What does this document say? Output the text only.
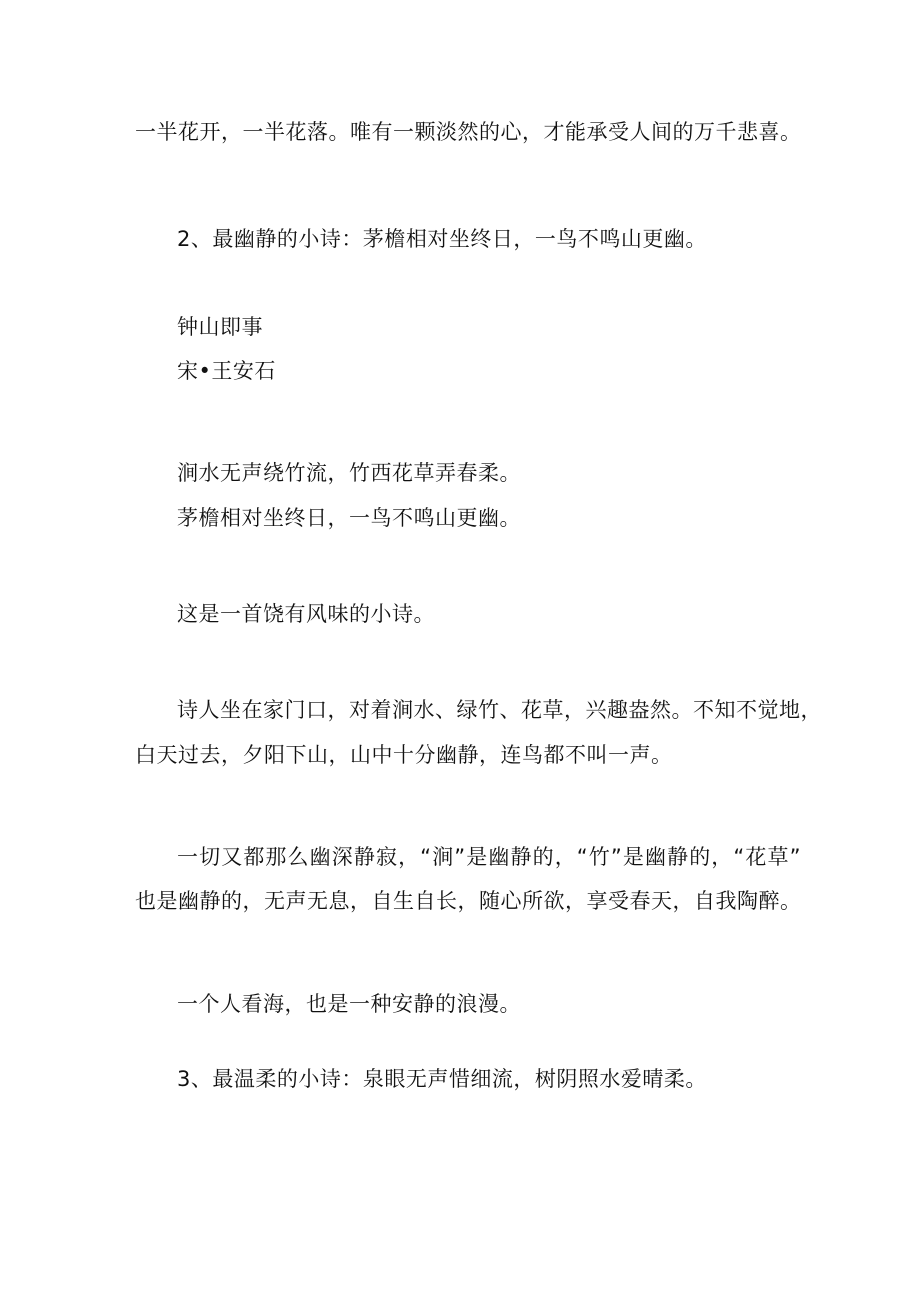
一半花开，一半花落。唯有一颗淡然的心，才能承受人间的万千悲喜。
2、最幽静的小诗：茅檐相对坐终日，一鸟不鸣山更幽。
钟山即事
宋•王安石
涧水无声绕竹流，竹西花草弄春柔。
茅檐相对坐终日，一鸟不鸣山更幽。
这是一首饶有风味的小诗。
诗人坐在家门口，对着涧水、绿竹、花草，兴趣盎然。不知不觉地，
白天过去，夕阳下山，山中十分幽静，连鸟都不叫一声。
一切又都那么幽深静寂，“涧”是幽静的，“竹”是幽静的，“花草”
也是幽静的，无声无息，自生自长，随心所欲，享受春天，自我陶醉。
一个人看海，也是一种安静的浪漫。
3、最温柔的小诗：泉眼无声惜细流，树阴照水爱晴柔。
